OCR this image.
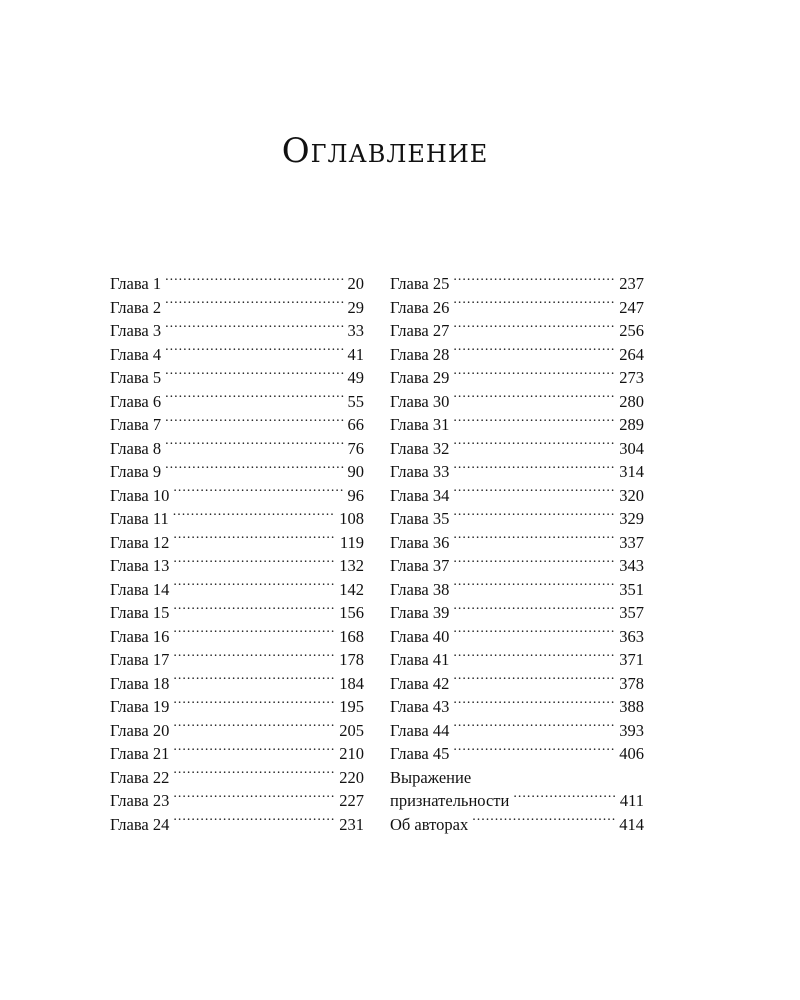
Оглавление
Глава 1 .....	20
Глава 2 .....	29
Глава 3 .....	33
Глава 4 .....	41
Глава 5 .....	49
Глава 6 .....	55
Глава 7 .....	66
Глава 8 .....	76
Глава 9 .....	90
Глава 10 .....	96
Глава 11 .....	108
Глава 12 .....	119
Глава 13 .....	132
Глава 14 .....	142
Глава 15 .....	156
Глава 16 .....	168
Глава 17 .....	178
Глава 18 .....	184
Глава 19 .....	195
Глава 20 .....	205
Глава 21 .....	210
Глава 22 .....	220
Глава 23 .....	227
Глава 24 .....	231
Глава 25 .....	237
Глава 26 .....	247
Глава 27 .....	256
Глава 28 .....	264
Глава 29 .....	273
Глава 30 .....	280
Глава 31 .....	289
Глава 32 .....	304
Глава 33 .....	314
Глава 34 .....	320
Глава 35 .....	329
Глава 36 .....	337
Глава 37 .....	343
Глава 38 .....	351
Глава 39 .....	357
Глава 40 .....	363
Глава 41 .....	371
Глава 42 .....	378
Глава 43 .....	388
Глава 44 .....	393
Глава 45 .....	406
Выражение
признательности .....	411
Об авторах .....	414
